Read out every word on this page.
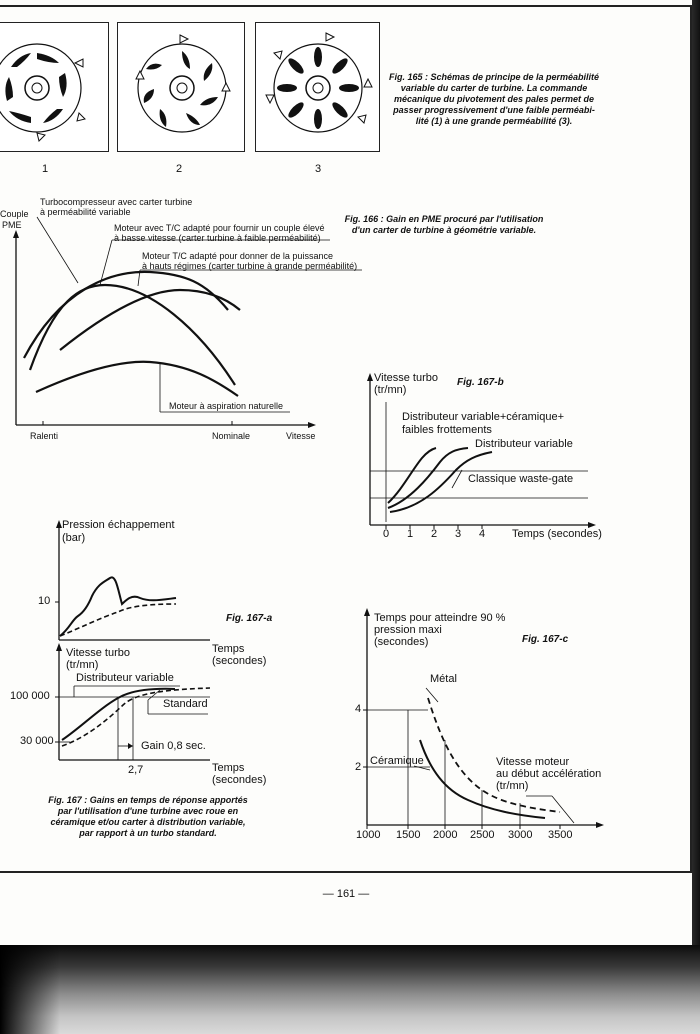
1	2	3
Fig. 165 : Schémas de principe de la perméabilité
variable du carter de turbine. La commande
mécanique du pivotement des pales permet de
passer progressivement d'une faible perméabi-
lité (1) à une grande perméabilité (3).
Couple
PME
Turbocompresseur avec carter turbine
à perméabilité variable
Moteur avec T/C adapté pour fournir un couple élevé
à basse vitesse (carter turbine à faible perméabilité)
Moteur T/C adapté pour donner de la puissance
à hauts régimes (carter turbine à grande perméabilité)
Moteur à aspiration naturelle
Ralenti	Nominale	Vitesse
Fig. 166 : Gain en PME procuré par l'utilisation
d'un carter de turbine à géométrie variable.
Vitesse turbo
(tr/mn)
Fig. 167-b
Distributeur variable+céramique+
faibles frottements
Distributeur variable
Classique waste-gate
0 1 2 3 4 Temps (secondes)
Pression échappement
(bar)
10
Fig. 167-a
Temps
(secondes)
Vitesse turbo
(tr/mn)
100 000
30 000
Distributeur variable
Standard
Gain 0,8 sec.
2,7	Temps
(secondes)
Fig. 167 : Gains en temps de réponse apportés
par l'utilisation d'une turbine avec roue en
céramique et/ou carter à distribution variable,
par rapport à un turbo standard.
Temps pour atteindre 90 %
pression maxi
(secondes)	Fig. 167-c
4
2
Métal
Céramique	Vitesse moteur
au début accélération
(tr/mn)
1000 1500 2000 2500 3000 3500
— 161 —
